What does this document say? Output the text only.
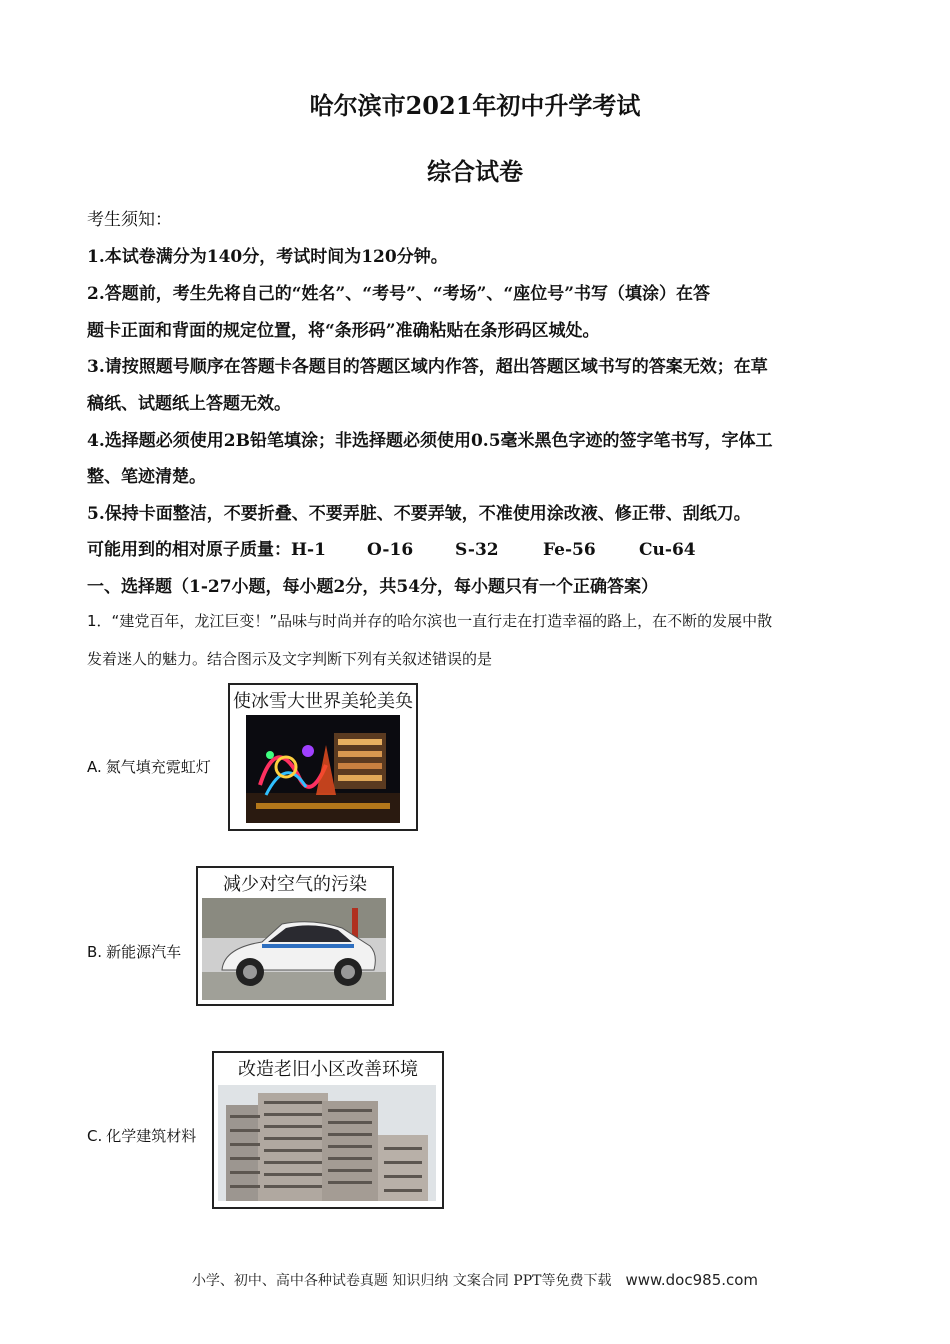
哈尔滨市2021年初中升学考试
综合试卷
考生须知：
1.本试卷满分为140分，考试时间为120分钟。
2.答题前，考生先将自己的“姓名”、“考号”、“考场”、“座位号”书写（填涂）在答
题卡正面和背面的规定位置，将“条形码”准确粘贴在条形码区城处。
3.请按照题号顺序在答题卡各题目的答题区域内作答，超出答题区域书写的答案无效；在草
稿纸、试题纸上答题无效。
4.选择题必须使用2B铅笔填涂；非选择题必须使用0.5毫米黑色字迹的签字笔书写，字体工
整、笔迹清楚。
5.保持卡面整洁，不要折叠、不要弄脏、不要弄皱，不准使用涂改液、修正带、刮纸刀。
可能用到的相对原子质量：H-1 O-16 S-32	Fe-56	Cu-64
一、选择题（1-27小题，每小题2分，共54分，每小题只有一个正确答案）
1．“建党百年，龙江巨变！”品味与时尚并存的哈尔滨也一直行走在打造幸福的路上，在不断的发展中散
发着迷人的魅力。结合图示及文字判断下列有关叙述错误的是
A. 氮气填充霓虹灯
使冰雪大世界美轮美奂
B. 新能源汽车
减少对空气的污染
C. 化学建筑材料
改造老旧小区改善环境
小学、初中、高中各种试卷真题 知识归纳 文案合同 PPT等免费下载 www.doc985.com
